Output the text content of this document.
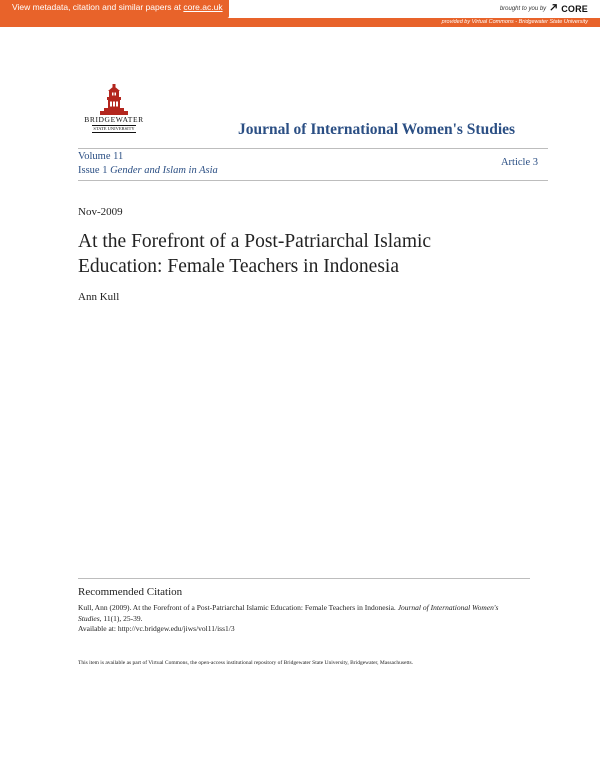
View metadata, citation and similar papers at core.ac.uk	brought to you by CORE
provided by Virtual Commons - Bridgewater State University
BRIDGEWATER
STATE UNIVERSITY	Journal of International Women's Studies
Volume 11
Issue 1 Gender and Islam in Asia
Article 3
Nov-2009
At the Forefront of a Post-Patriarchal Islamic Education: Female Teachers in Indonesia
Ann Kull
Recommended Citation
Kull, Ann (2009). At the Forefront of a Post-Patriarchal Islamic Education: Female Teachers in Indonesia. Journal of International Women's Studies, 11(1), 25-39.
Available at: http://vc.bridgew.edu/jiws/vol11/iss1/3
This item is available as part of Virtual Commons, the open-access institutional repository of Bridgewater State University, Bridgewater, Massachusetts.
